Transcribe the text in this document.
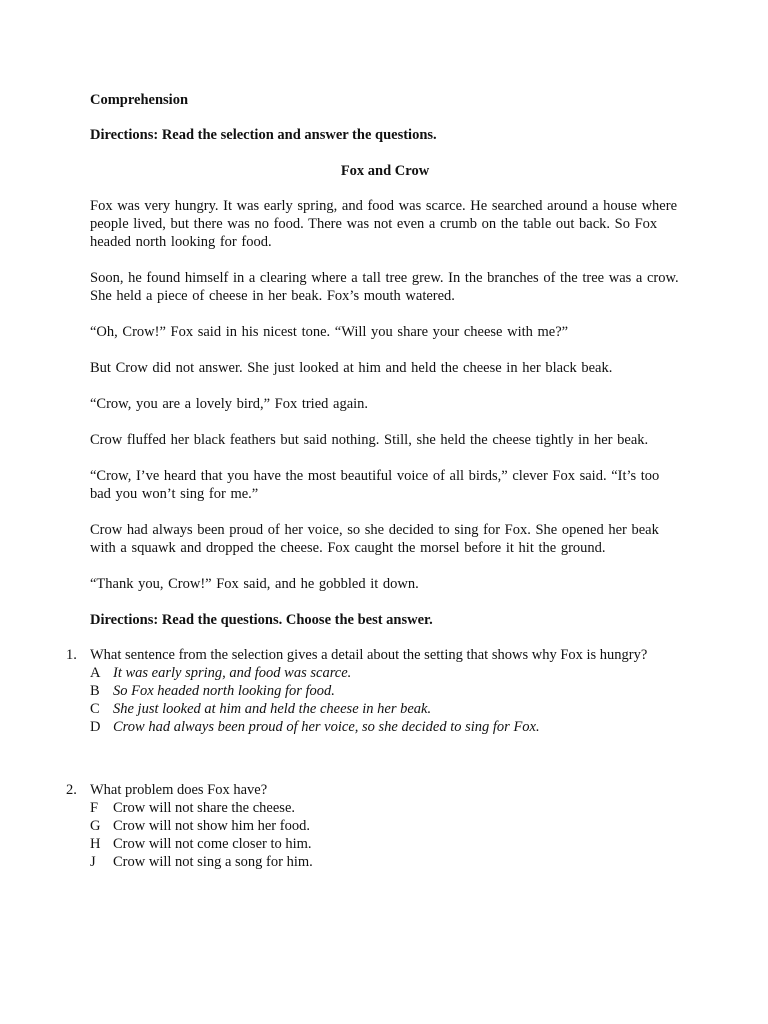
Comprehension

Directions: Read the selection and answer the questions.

Fox and Crow

Fox was very hungry. It was early spring, and food was scarce. He searched around a house where people lived, but there was no food. There was not even a crumb on the table out back. So Fox headed north looking for food.

Soon, he found himself in a clearing where a tall tree grew. In the branches of the tree was a crow. She held a piece of cheese in her beak. Fox’s mouth watered.

“Oh, Crow!” Fox said in his nicest tone. “Will you share your cheese with me?”

But Crow did not answer. She just looked at him and held the cheese in her black beak.

“Crow, you are a lovely bird,” Fox tried again.

Crow fluffed her black feathers but said nothing. Still, she held the cheese tightly in her beak.

“Crow, I’ve heard that you have the most beautiful voice of all birds,” clever Fox said. “It’s too bad you won’t sing for me.”

Crow had always been proud of her voice, so she decided to sing for Fox. She opened her beak with a squawk and dropped the cheese. Fox caught the morsel before it hit the ground.

“Thank you, Crow!” Fox said, and he gobbled it down.

Directions: Read the questions. Choose the best answer.

1. What sentence from the selection gives a detail about the setting that shows why Fox is hungry?
A It was early spring, and food was scarce.
B So Fox headed north looking for food.
C She just looked at him and held the cheese in her beak.
D Crow had always been proud of her voice, so she decided to sing for Fox.
2. What problem does Fox have?
F	Crow will not share the cheese.
G Crow will not show him her food.
H Crow will not come closer to him.
J	Crow will not sing a song for him.
